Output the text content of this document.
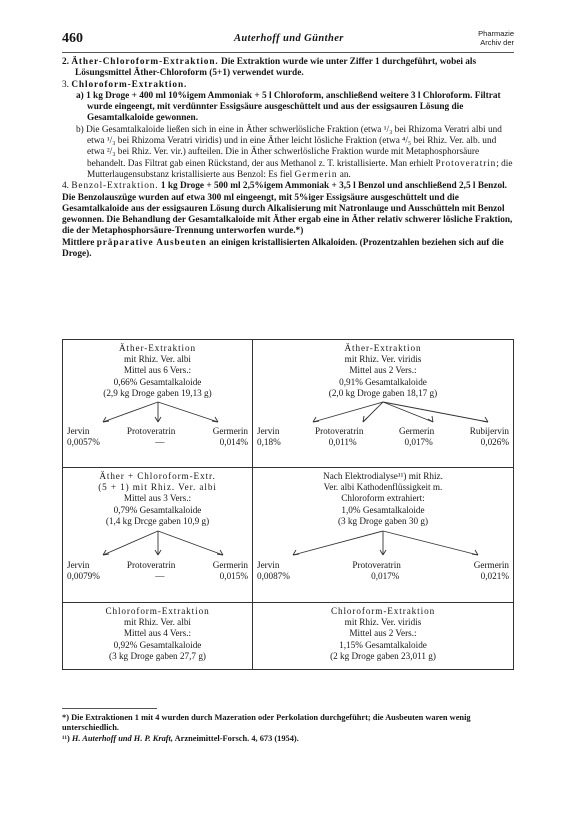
460	Auterhoff und Günther	Pharmazie
Archiv der

2. Äther-Chloroform-Extraktion. Die Extraktion wurde wie unter Ziffer 1 durchgeführt, wobei als Lösungsmittel Äther-Chloroform (5+1) verwendet wurde.

3. Chloroform-Extraktion.

a) 1 kg Droge + 400 ml 10%igem Ammoniak + 5 l Chloroform, anschließend weitere 3 l Chloroform. Filtrat wurde eingeengt, mit verdünnter Essigsäure ausgeschüttelt und aus der essigsauren Lösung die Gesamtalkaloide gewonnen.

b) Die Gesamtalkaloide ließen sich in eine in Äther schwerlösliche Fraktion (etwa ¹/₃ bei Rhizoma Veratri albi und etwa ¹/₃ bei Rhizoma Veratri viridis) und in eine Äther leicht lösliche Fraktion (etwa ⁴/₅ bei Rhiz. Ver. alb. und etwa ²/₃ bei Rhiz. Ver. vir.) aufteilen. Die in Äther schwerlösliche Fraktion wurde mit Metaphosphorsäure behandelt. Das Filtrat gab einen Rückstand, der aus Methanol z. T. kristallisierte. Man erhielt Protoveratrin; die Mutterlaugensubstanz kristallisierte aus Benzol: Es fiel Germerin an.

4. Benzol-Extraktion. 1 kg Droge + 500 ml 2,5%igem Ammoniak + 3,5 l Benzol und anschließend 2,5 l Benzol.

Die Benzolauszüge wurden auf etwa 300 ml eingeengt, mit 5%iger Essigsäure ausgeschüttelt und die Gesamtalkaloide aus der essigsauren Lösung durch Alkalisierung mit Natronlauge und Ausschütteln mit Benzol gewonnen. Die Behandlung der Gesamtalkaloide mit Äther ergab eine in Äther relativ schwerer lösliche Fraktion, die der Metaphosphorsäure-Trennung unterworfen wurde.*)

Mittlere präparative Ausbeuten an einigen kristallisierten Alkaloiden. (Prozentzahlen beziehen sich auf die Droge).

Äther-Extraktion
mit Rhiz. Ver. albi
Mittel aus 6 Vers.:
0,66% Gesamtalkaloide
(2,9 kg Droge gaben 19,13 g)
Jervin	Protoveratrin	Germerin
0,0057%	—	0,014%
Äther-Extraktion
mit Rhiz. Ver. viridis
Mittel aus 2 Vers.:
0,91% Gesamtalkaloide
(2,0 kg Droge gaben 18,17 g)
Jervin	Protoveratrin	Germerin	Rubijervin
0,18%	0,011%	0,017%	0,026%
Äther + Chloroform-Extr.
(5 + 1) mit Rhiz. Ver. albi
Mittel aus 3 Vers.:
0,79% Gesamtalkaloide
(1,4 kg Drcge gaben 10,9 g)
Jervin	Protoveratrin	Germerin
0,0079%	—	0,015%
Nach Elektrodialyse¹¹) mit Rhiz.
Ver. albi Kathodenflüssigkeit m.
Chloroform extrahiert:
1,0% Gesamtalkaloide
(3 kg Droge gaben 30 g)
Jervin	Protoveratrin	Germerin
0,0087%	0,017%	0,021%
Chloroform-Extraktion
mit Rhiz. Ver. albi
Mittel aus 4 Vers.:
0,92% Gesamtalkaloide
(3 kg Droge gaben 27,7 g)
Chloroform-Extraktion
mit Rhiz. Ver. viridis
Mittel aus 2 Vers.:
1,15% Gesamtalkaloide
(2 kg Droge gaben 23,011 g)

*) Die Extraktionen 1 mit 4 wurden durch Mazeration oder Perkolation durchgeführt; die Ausbeuten waren wenig unterschiedlich.

¹¹) H. Auterhoff und H. P. Kraft, Arzneimittel-Forsch. 4, 673 (1954).
